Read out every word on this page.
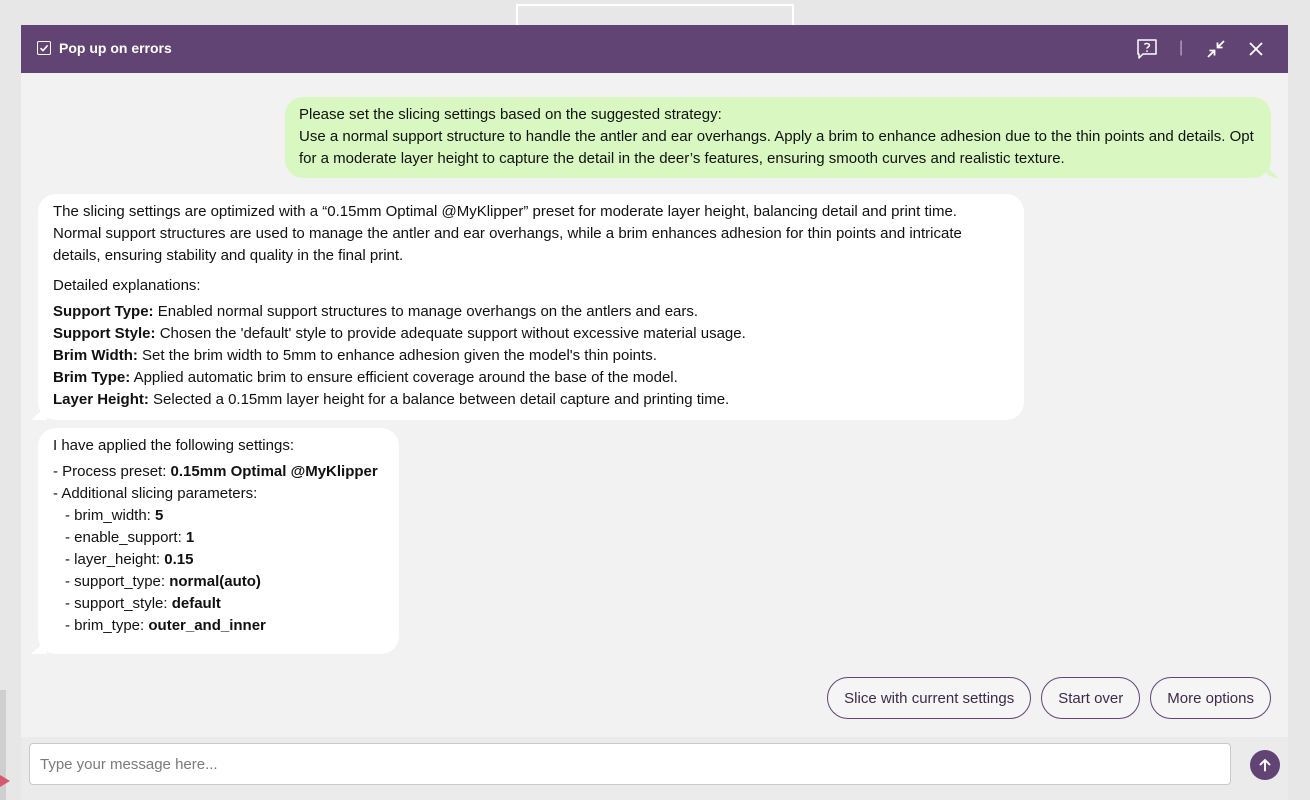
Pop up on errors	|

Please set the slicing settings based on the suggested strategy:

Use a normal support structure to handle the antler and ear overhangs. Apply a brim to enhance adhesion due to the thin points and details. Opt for a moderate layer height to capture the detail in the deer’s features, ensuring smooth curves and realistic texture.

The slicing settings are optimized with a “0.15mm Optimal @MyKlipper” preset for moderate layer height, balancing detail and print time. Normal support structures are used to manage the antler and ear overhangs, while a brim enhances adhesion for thin points and intricate details, ensuring stability and quality in the final print.

Detailed explanations:

Support Type: Enabled normal support structures to manage overhangs on the antlers and ears.
Support Style: Chosen the 'default' style to provide adequate support without excessive material usage.
Brim Width: Set the brim width to 5mm to enhance adhesion given the model's thin points.
Brim Type: Applied automatic brim to ensure efficient coverage around the base of the model.
Layer Height: Selected a 0.15mm layer height for a balance between detail capture and printing time.

I have applied the following settings:

- Process preset: 0.15mm Optimal @MyKlipper
- Additional slicing parameters:
- brim_width: 5
- enable_support: 1
- layer_height: 0.15
- support_type: normal(auto)
- support_style: default
- brim_type: outer_and_inner
Slice with current settings	Start over	More options
Type your message here...
